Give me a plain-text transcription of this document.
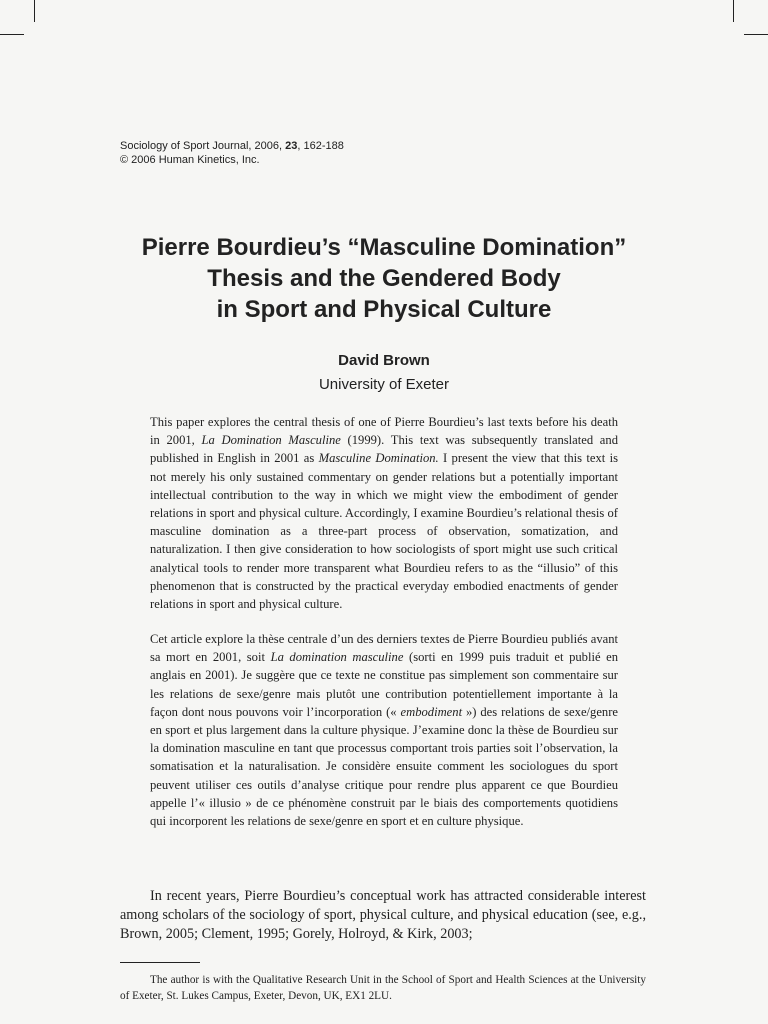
Sociology of Sport Journal, 2006, 23, 162-188
© 2006 Human Kinetics, Inc.
Pierre Bourdieu’s “Masculine Domination”
Thesis and the Gendered Body
in Sport and Physical Culture
David Brown
University of Exeter

This paper explores the central thesis of one of Pierre Bourdieu’s last texts before his death in 2001, La Domination Masculine (1999). This text was subsequently translated and published in English in 2001 as Masculine Domination. I present the view that this text is not merely his only sustained commentary on gender relations but a potentially important intellectual contribution to the way in which we might view the embodiment of gender relations in sport and physical culture. Accordingly, I examine Bourdieu’s relational thesis of masculine domination as a three-part process of observation, somatization, and naturalization. I then give consideration to how sociologists of sport might use such critical analytical tools to render more transparent what Bourdieu refers to as the “illusio” of this phenomenon that is constructed by the practical everyday embodied enactments of gender relations in sport and physical culture.

Cet article explore la thèse centrale d’un des derniers textes de Pierre Bourdieu publiés avant sa mort en 2001, soit La domination masculine (sorti en 1999 puis traduit et publié en anglais en 2001). Je suggère que ce texte ne constitue pas simplement son commentaire sur les relations de sexe/genre mais plutôt une contribution potentiellement importante à la façon dont nous pouvons voir l’incorporation (« embodiment ») des relations de sexe/genre en sport et plus largement dans la culture physique. J’examine donc la thèse de Bourdieu sur la domination masculine en tant que processus comportant trois parties soit l’observation, la somatisation et la naturalisation. Je considère ensuite comment les sociologues du sport peuvent utiliser ces outils d’analyse critique pour rendre plus apparent ce que Bourdieu appelle l’« illusio » de ce phénomène construit par le biais des comportements quotidiens qui incorporent les relations de sexe/genre en sport et en culture physique.

In recent years, Pierre Bourdieu’s conceptual work has attracted considerable interest among scholars of the sociology of sport, physical culture, and physical education (see, e.g., Brown, 2005; Clement, 1995; Gorely, Holroyd, & Kirk, 2003;

The author is with the Qualitative Research Unit in the School of Sport and Health Sciences at the University of Exeter, St. Lukes Campus, Exeter, Devon, UK, EX1 2LU.
